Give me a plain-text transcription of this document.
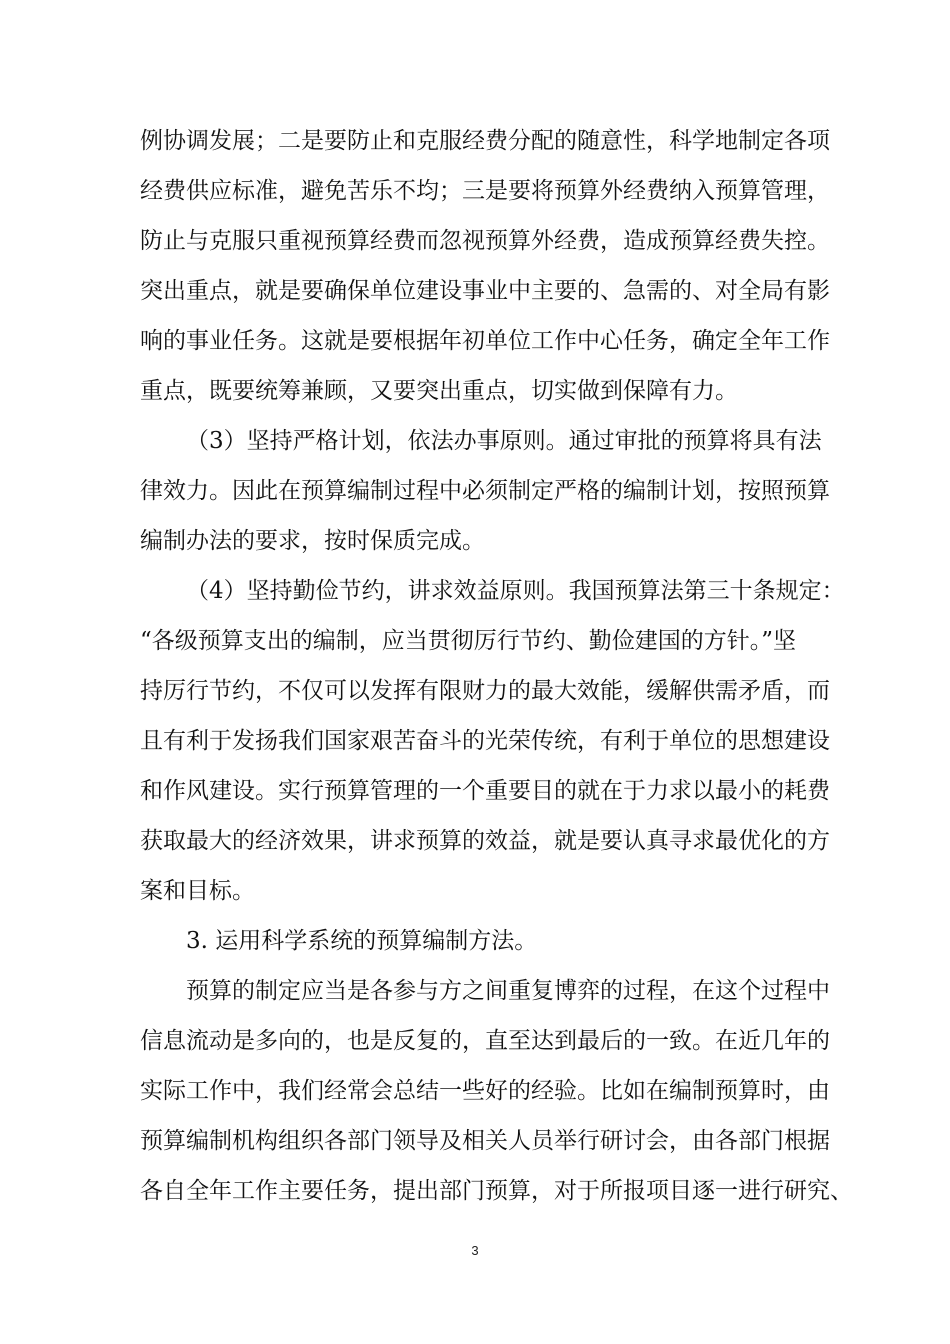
例协调发展；二是要防止和克服经费分配的随意性，科学地制定各项
经费供应标准，避免苦乐不均；三是要将预算外经费纳入预算管理，
防止与克服只重视预算经费而忽视预算外经费，造成预算经费失控。
突出重点，就是要确保单位建设事业中主要的、急需的、对全局有影
响的事业任务。这就是要根据年初单位工作中心任务，确定全年工作
重点，既要统筹兼顾，又要突出重点，切实做到保障有力。
（3）坚持严格计划，依法办事原则。通过审批的预算将具有法
律效力。因此在预算编制过程中必须制定严格的编制计划，按照预算
编制办法的要求，按时保质完成。
（4）坚持勤俭节约，讲求效益原则。我国预算法第三十条规定：
“各级预算支出的编制，应当贯彻厉行节约、勤俭建国的方针。”坚
持厉行节约，不仅可以发挥有限财力的最大效能，缓解供需矛盾，而
且有利于发扬我们国家艰苦奋斗的光荣传统，有利于单位的思想建设
和作风建设。实行预算管理的一个重要目的就在于力求以最小的耗费
获取最大的经济效果，讲求预算的效益，就是要认真寻求最优化的方
案和目标。
3. 运用科学系统的预算编制方法。
预算的制定应当是各参与方之间重复博弈的过程，在这个过程中
信息流动是多向的，也是反复的，直至达到最后的一致。在近几年的
实际工作中，我们经常会总结一些好的经验。比如在编制预算时，由
预算编制机构组织各部门领导及相关人员举行研讨会，由各部门根据
各自全年工作主要任务，提出部门预算，对于所报项目逐一进行研究、
3
